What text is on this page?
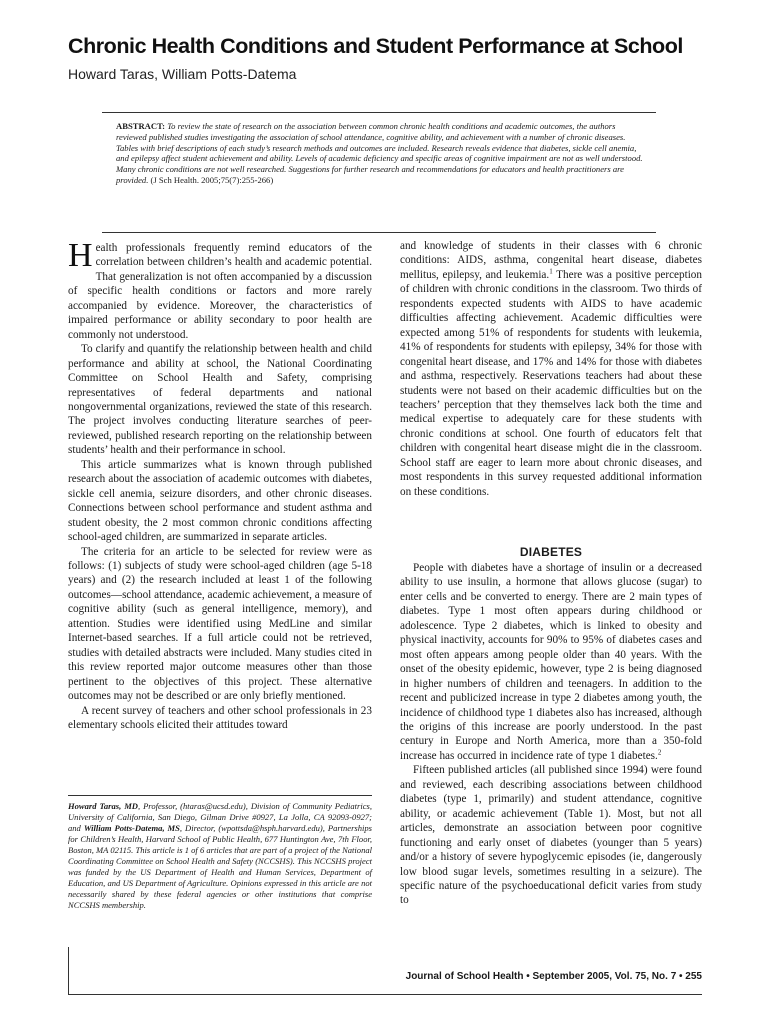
Chronic Health Conditions and Student Performance at School
Howard Taras, William Potts-Datema
ABSTRACT: To review the state of research on the association between common chronic health conditions and academic outcomes, the authors reviewed published studies investigating the association of school attendance, cognitive ability, and achievement with a number of chronic diseases. Tables with brief descriptions of each study’s research methods and outcomes are included. Research reveals evidence that diabetes, sickle cell anemia, and epilepsy affect student achievement and ability. Levels of academic deficiency and specific areas of cognitive impairment are not as well understood. Many chronic conditions are not well researched. Suggestions for further research and recommendations for educators and health practitioners are provided. (J Sch Health. 2005;75(7):255-266)

Health professionals frequently remind educators of the correlation between children’s health and academic potential. That generalization is not often accompanied by a discussion of specific health conditions or factors and more rarely accompanied by evidence. Moreover, the characteristics of impaired performance or ability secondary to poor health are commonly not understood.

To clarify and quantify the relationship between health and child performance and ability at school, the National Coordinating Committee on School Health and Safety, comprising representatives of federal departments and national nongovernmental organizations, reviewed the state of this research. The project involves conducting literature searches of peer-reviewed, published research reporting on the relationship between students’ health and their performance in school.

This article summarizes what is known through published research about the association of academic outcomes with diabetes, sickle cell anemia, seizure disorders, and other chronic diseases. Connections between school performance and student asthma and student obesity, the 2 most common chronic conditions affecting school-aged children, are summarized in separate articles.

The criteria for an article to be selected for review were as follows: (1) subjects of study were school-aged children (age 5-18 years) and (2) the research included at least 1 of the following outcomes—school attendance, academic achievement, a measure of cognitive ability (such as general intelligence, memory), and attention. Studies were identified using MedLine and similar Internet-based searches. If a full article could not be retrieved, studies with detailed abstracts were included. Many studies cited in this review reported major outcome measures other than those pertinent to the objectives of this project. These alternative outcomes may not be described or are only briefly mentioned.

A recent survey of teachers and other school professionals in 23 elementary schools elicited their attitudes toward

and knowledge of students in their classes with 6 chronic conditions: AIDS, asthma, congenital heart disease, diabetes mellitus, epilepsy, and leukemia.$^1$ There was a positive perception of children with chronic conditions in the classroom. Two thirds of respondents expected students with AIDS to have academic difficulties affecting achievement. Academic difficulties were expected among 51% of respondents for students with leukemia, 41% of respondents for students with epilepsy, 34% for those with congenital heart disease, and 17% and 14% for those with diabetes and asthma, respectively. Reservations teachers had about these students were not based on their academic difficulties but on the teachers’ perception that they themselves lack both the time and medical expertise to adequately care for these students with chronic conditions at school. One fourth of educators felt that children with congenital heart disease might die in the classroom. School staff are eager to learn more about chronic diseases, and most respondents in this survey requested additional information on these conditions.

DIABETES

People with diabetes have a shortage of insulin or a decreased ability to use insulin, a hormone that allows glucose (sugar) to enter cells and be converted to energy. There are 2 main types of diabetes. Type 1 most often appears during childhood or adolescence. Type 2 diabetes, which is linked to obesity and physical inactivity, accounts for 90% to 95% of diabetes cases and most often appears among people older than 40 years. With the onset of the obesity epidemic, however, type 2 is being diagnosed in higher numbers of children and teenagers. In addition to the recent and publicized increase in type 2 diabetes among youth, the incidence of childhood type 1 diabetes also has increased, although the origins of this increase are poorly understood. In the past century in Europe and North America, more than a 350-fold increase has occurred in incidence rate of type 1 diabetes.$^2$

Fifteen published articles (all published since 1994) were found and reviewed, each describing associations between childhood diabetes (type 1, primarily) and student attendance, cognitive ability, or academic achievement (Table 1). Most, but not all articles, demonstrate an association between poor cognitive functioning and early onset of diabetes (younger than 5 years) and/or a history of severe hypoglycemic episodes (ie, dangerously low blood sugar levels, sometimes resulting in a seizure). The specific nature of the psychoeducational deficit varies from study to

Howard Taras, MD, Professor, (htaras@ucsd.edu), Division of Community Pediatrics, University of California, San Diego, Gilman Drive #0927, La Jolla, CA 92093-0927; and William Potts-Datema, MS, Director, (wpottsda@hsph.harvard.edu), Partnerships for Children’s Health, Harvard School of Public Health, 677 Huntington Ave, 7th Floor, Boston, MA 02115. This article is 1 of 6 articles that are part of a project of the National Coordinating Committee on School Health and Safety (NCCSHS). This NCCSHS project was funded by the US Department of Health and Human Services, Department of Education, and US Department of Agriculture. Opinions expressed in this article are not necessarily shared by these federal agencies or other institutions that comprise NCCSHS membership.
Journal of School Health • September 2005, Vol. 75, No. 7 • 255
